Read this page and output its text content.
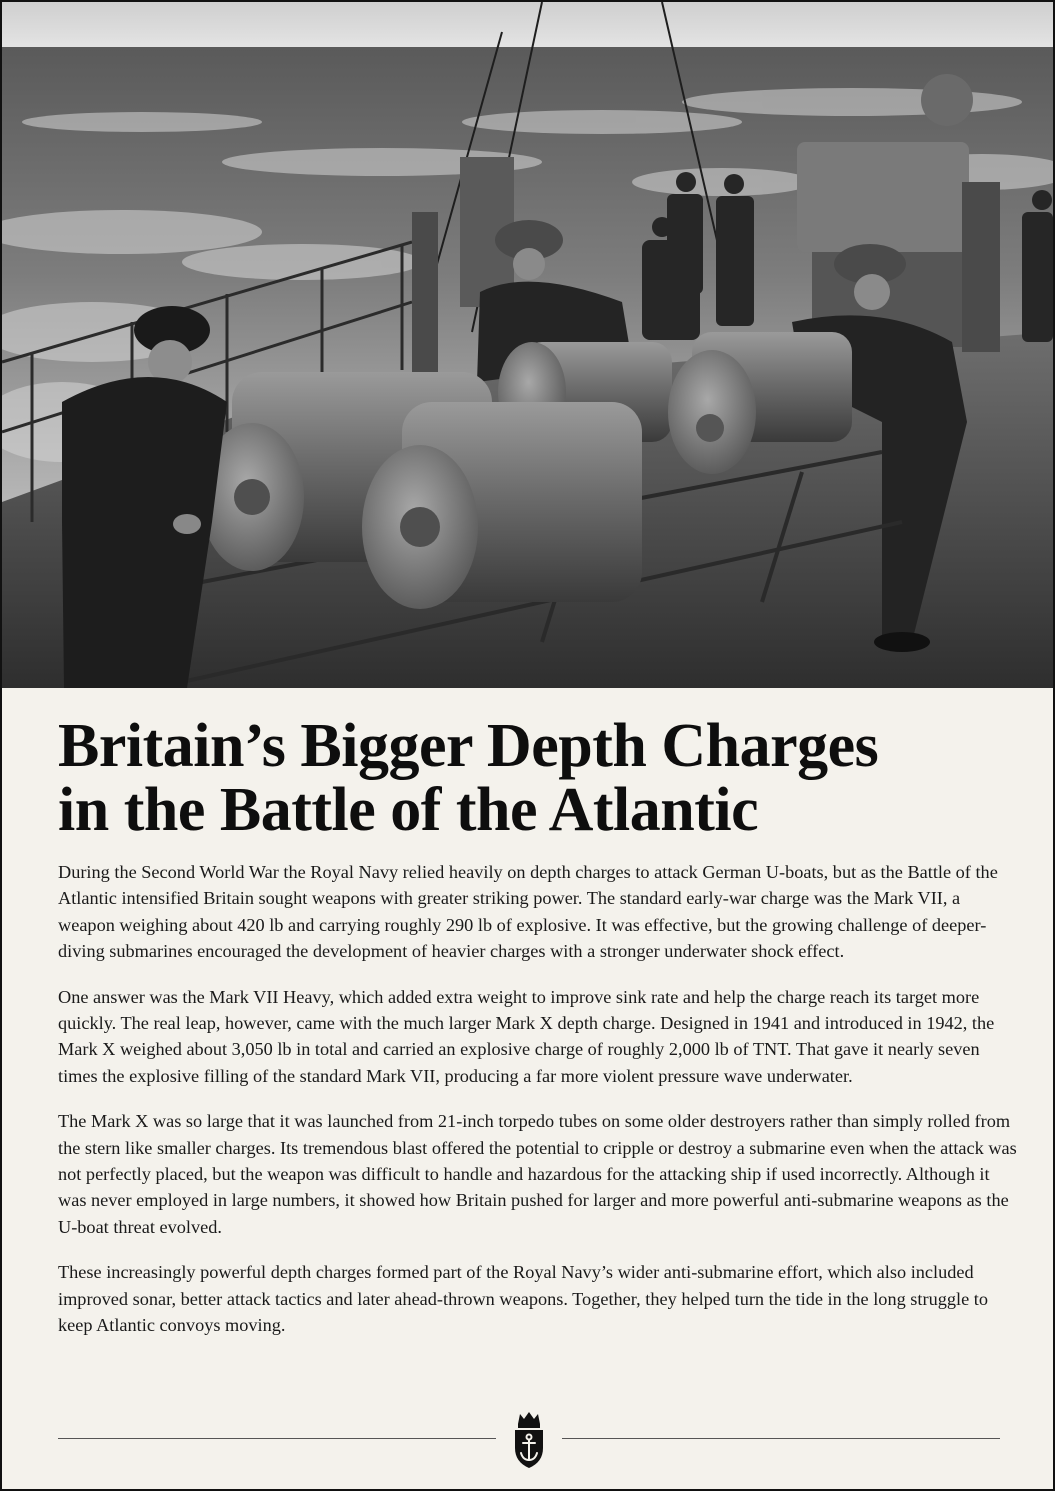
Britain’s Bigger Depth Charges
in the Battle of the Atlantic

During the Second World War the Royal Navy relied heavily on depth charges to attack German U-boats, but as the Battle of the Atlantic intensified Britain sought weapons with greater striking power. The standard early-war charge was the Mark VII, a weapon weighing about 420 lb and carrying roughly 290 lb of explosive. It was effective, but the growing challenge of deeper-diving submarines encouraged the development of heavier charges with a stronger underwater shock effect.

One answer was the Mark VII Heavy, which added extra weight to improve sink rate and help the charge reach its target more quickly. The real leap, however, came with the much larger Mark X depth charge. Designed in 1941 and introduced in 1942, the Mark X weighed about 3,050 lb in total and carried an explosive charge of roughly 2,000 lb of TNT. That gave it nearly seven times the explosive filling of the standard Mark VII, producing a far more violent pressure wave underwater.

The Mark X was so large that it was launched from 21-inch torpedo tubes on some older destroyers rather than simply rolled from the stern like smaller charges. Its tremendous blast offered the potential to cripple or destroy a submarine even when the attack was not perfectly placed, but the weapon was difficult to handle and hazardous for the attacking ship if used incorrectly. Although it was never employed in large numbers, it showed how Britain pushed for larger and more powerful anti-submarine weapons as the U-boat threat evolved.

These increasingly powerful depth charges formed part of the Royal Navy’s wider anti-submarine effort, which also included improved sonar, better attack tactics and later ahead-thrown weapons. Together, they helped turn the tide in the long struggle to keep Atlantic convoys moving.
